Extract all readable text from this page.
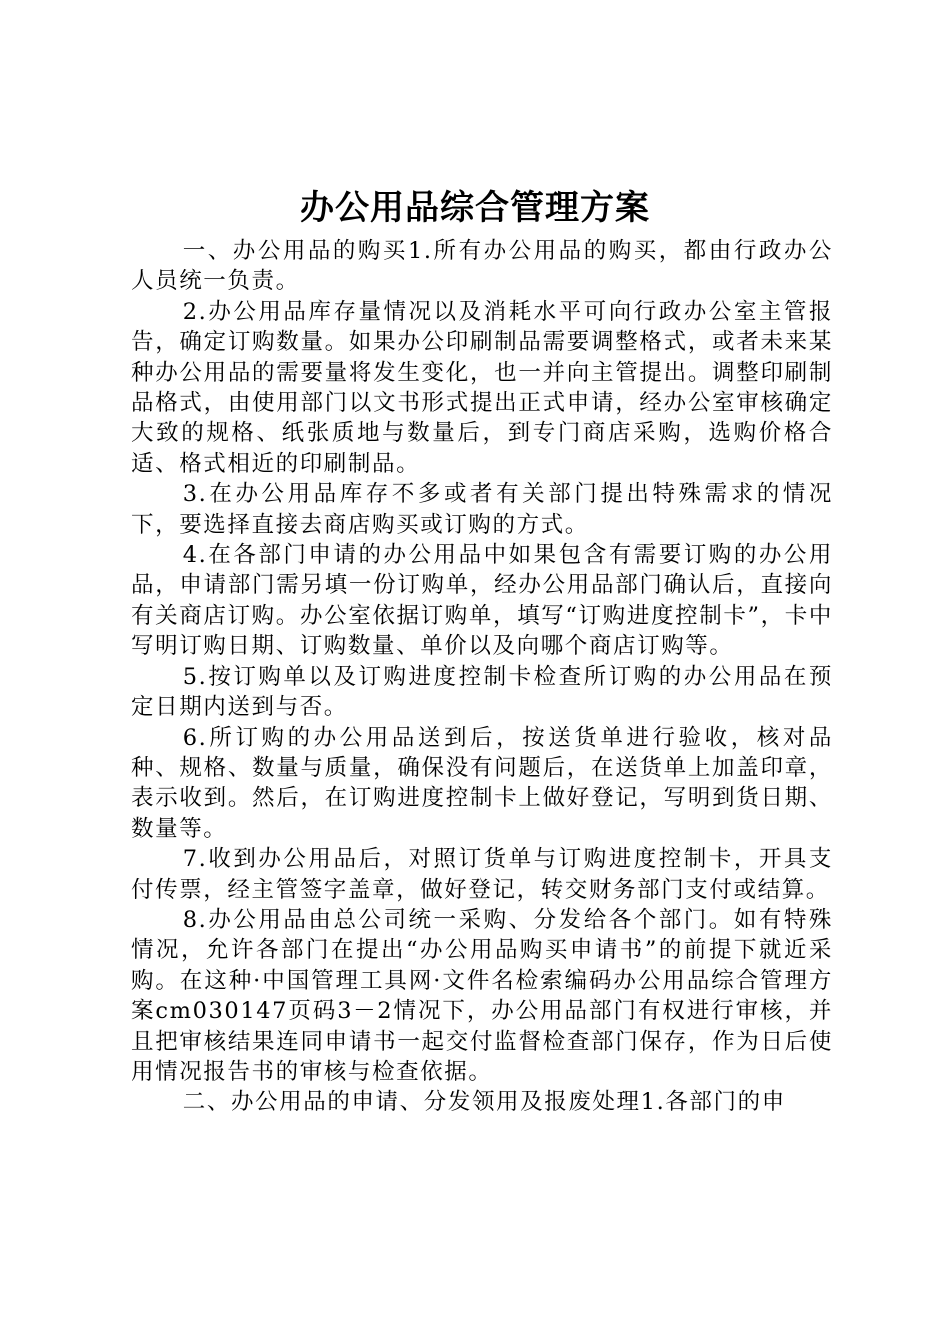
办公用品综合管理方案

一、办公用品的购买1.所有办公用品的购买，都由行政办公人员统一负责。

2.办公用品库存量情况以及消耗水平可向行政办公室主管报告，确定订购数量。如果办公印刷制品需要调整格式，或者未来某种办公用品的需要量将发生变化，也一并向主管提出。调整印刷制品格式，由使用部门以文书形式提出正式申请，经办公室审核确定大致的规格、纸张质地与数量后，到专门商店采购，选购价格合适、格式相近的印刷制品。

3.在办公用品库存不多或者有关部门提出特殊需求的情况下，要选择直接去商店购买或订购的方式。

4.在各部门申请的办公用品中如果包含有需要订购的办公用品，申请部门需另填一份订购单，经办公用品部门确认后，直接向有关商店订购。办公室依据订购单，填写“订购进度控制卡”，卡中写明订购日期、订购数量、单价以及向哪个商店订购等。

5.按订购单以及订购进度控制卡检查所订购的办公用品在预定日期内送到与否。

6.所订购的办公用品送到后，按送货单进行验收，核对品种、规格、数量与质量，确保没有问题后，在送货单上加盖印章，表示收到。然后，在订购进度控制卡上做好登记，写明到货日期、数量等。

7.收到办公用品后，对照订货单与订购进度控制卡，开具支付传票，经主管签字盖章，做好登记，转交财务部门支付或结算。

8.办公用品由总公司统一采购、分发给各个部门。如有特殊情况，允许各部门在提出“办公用品购买申请书”的前提下就近采购。在这种·中国管理工具网·文件名检索编码办公用品综合管理方案cm030147页码3－2情况下，办公用品部门有权进行审核，并且把审核结果连同申请书一起交付监督检查部门保存，作为日后使用情况报告书的审核与检查依据。

二、办公用品的申请、分发领用及报废处理1.各部门的申
